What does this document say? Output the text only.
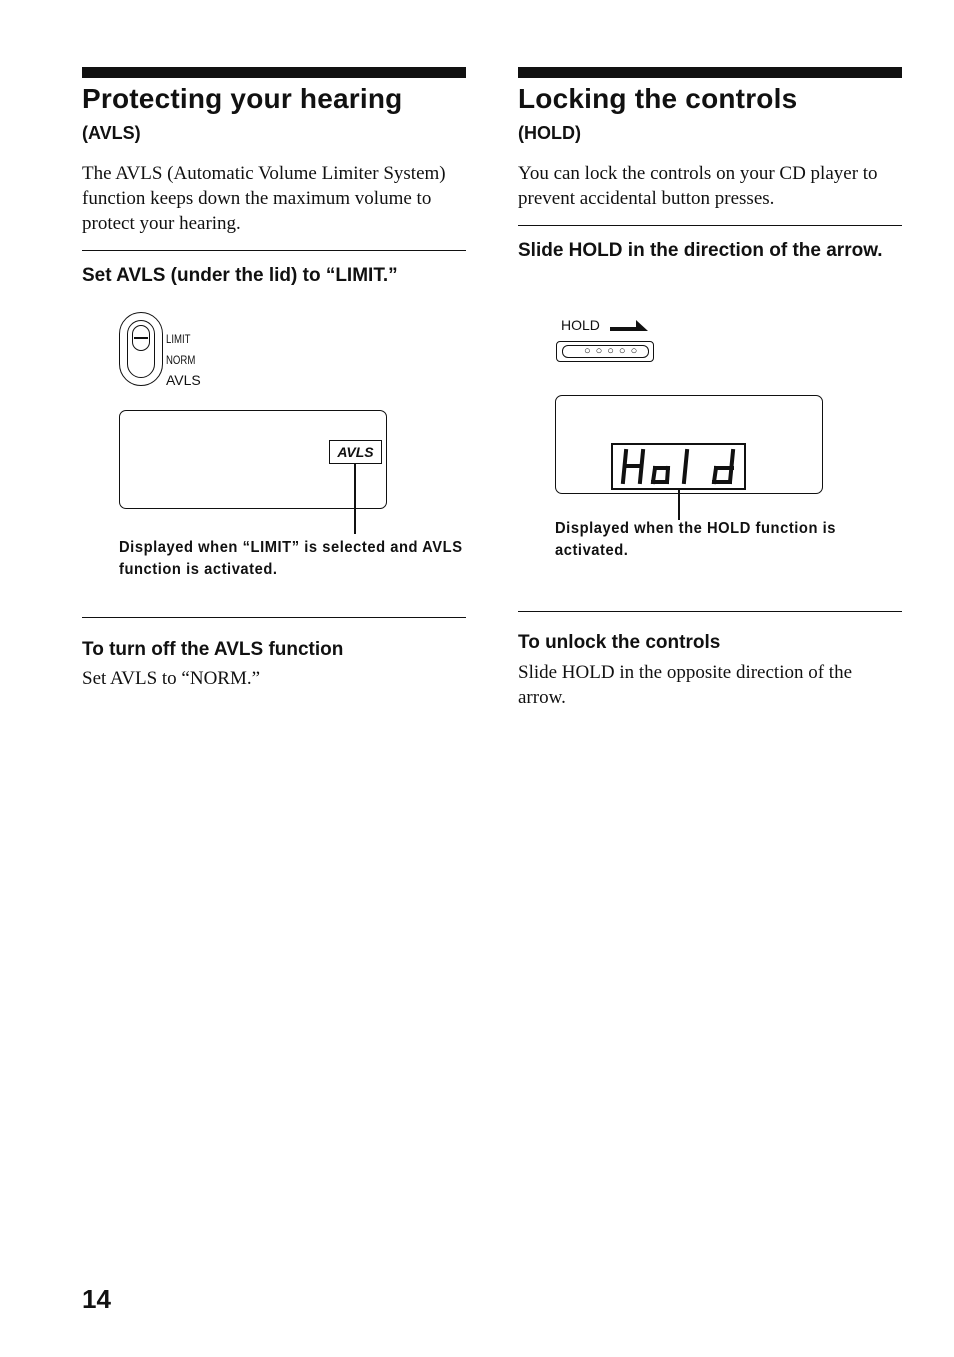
Protecting your hearing
(AVLS)

The AVLS (Automatic Volume Limiter System) function keeps down the maximum volume to protect your hearing.

Set AVLS (under the lid) to “LIMIT.”

LIMIT
NORM
AVLS
AVLS

Displayed when “LIMIT” is selected and AVLS function is activated.

To turn off the AVLS function

Set AVLS to “NORM.”

Locking the controls
(HOLD)

You can lock the controls on your CD player to prevent accidental button presses.

Slide HOLD in the direction of the arrow.

HOLD
○○○○○

Displayed when the HOLD function is activated.

To unlock the controls

Slide HOLD in the opposite direction of the arrow.

14
